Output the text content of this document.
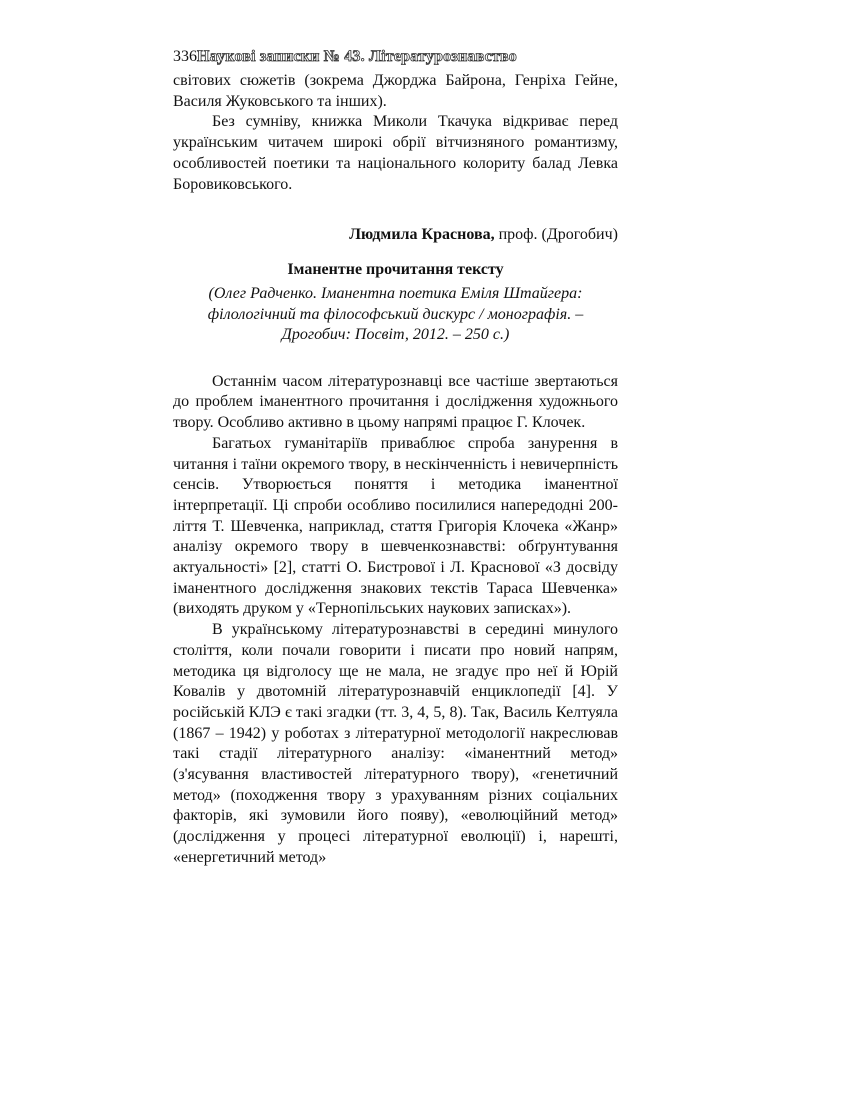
336Наукові записки № 43. Літературознавство

світових сюжетів (зокрема Джорджа Байрона, Генріха Гейне, Василя Жуковського та інших).

Без сумніву, книжка Миколи Ткачука відкриває перед українським читачем широкі обрії вітчизняного романтизму, особливостей поетики та національного колориту балад Левка Боровиковського.

Людмила Краснова, проф. (Дрогобич)
Іманентне прочитання тексту
(Олег Радченко. Іманентна поетика Еміля Штайгера: філологічний та філософський дискурс / монографія. – Дрогобич: Посвіт, 2012. – 250 с.)

Останнім часом літературознавці все частіше звертаються до проблем іманентного прочитання і дослідження художнього твору. Особливо активно в цьому напрямі працює Г. Клочек.

Багатьох гуманітаріїв приваблює спроба занурення в читання і таїни окремого твору, в нескінченність і невичерпність сенсів. Утворюється поняття і методика іманентної інтерпретації. Ці спроби особливо посилилися напередодні 200-ліття Т. Шевченка, наприклад, стаття Григорія Клочека «Жанр» аналізу окремого твору в шевченкознавстві: обґрунтування актуальності» [2], статті О. Бистрової і Л. Краснової «З досвіду іманентного дослідження знакових текстів Тараса Шевченка» (виходять друком у «Тернопільських наукових записках»).

В українському літературознавстві в середині минулого століття, коли почали говорити і писати про новий напрям, методика ця відголосу ще не мала, не згадує про неї й Юрій Ковалів у двотомній літературознавчій енциклопедії [4]. У російській КЛЭ є такі згадки (тт. 3, 4, 5, 8). Так, Василь Келтуяла (1867 – 1942) у роботах з літературної методології накреслював такі стадії літературного аналізу: «іманентний метод» (з'ясування властивостей літературного твору), «генетичний метод» (походження твору з урахуванням різних соціальних факторів, які зумовили його появу), «еволюційний метод» (дослідження у процесі літературної еволюції) і, нарешті, «енергетичний метод»
